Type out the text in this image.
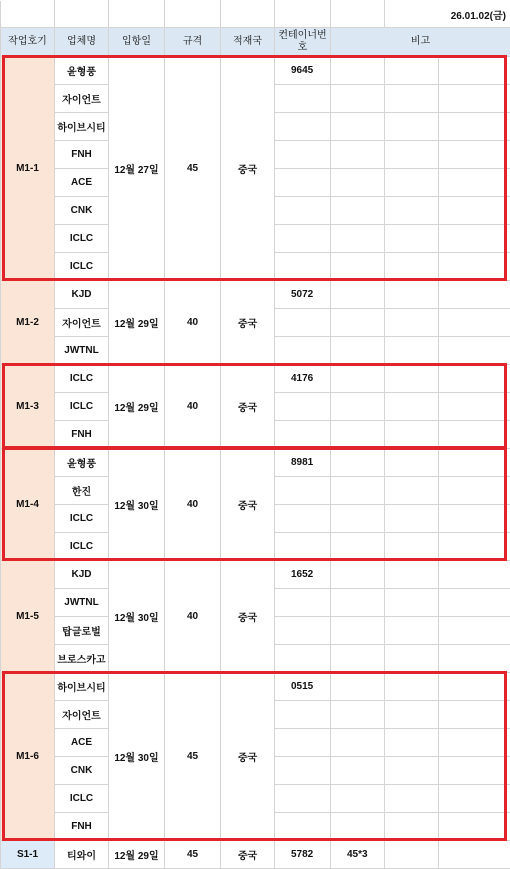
							26.01.02(금)	
작업호기	업체명	입항일	규격	적재국	컨테이너번호	비고		
M1-1	윤형풍	12월 27일	45	중국	9645			
	자이언트							
	하이브시티							
	FNH							
	ACE							
	CNK							
	ICLC							
	ICLC							
M1-2	KJD	12월 29일	40	중국	5072			
	자이언트							
	JWTNL							
M1-3	ICLC	12월 29일	40	중국	4176			
	ICLC							
	FNH							
M1-4	윤형풍	12월 30일	40	중국	8981			
	한진							
	ICLC							
	ICLC							
M1-5	KJD	12월 30일	40	중국	1652			
	JWTNL							
	탑글로벌							
	브로스카고							
M1-6	하이브시티	12월 30일	45	중국	0515			
	자이언트							
	ACE							
	CNK							
	ICLC							
	FNH							
S1-1	티와이	12월 29일	45	중국	5782	45*3		
